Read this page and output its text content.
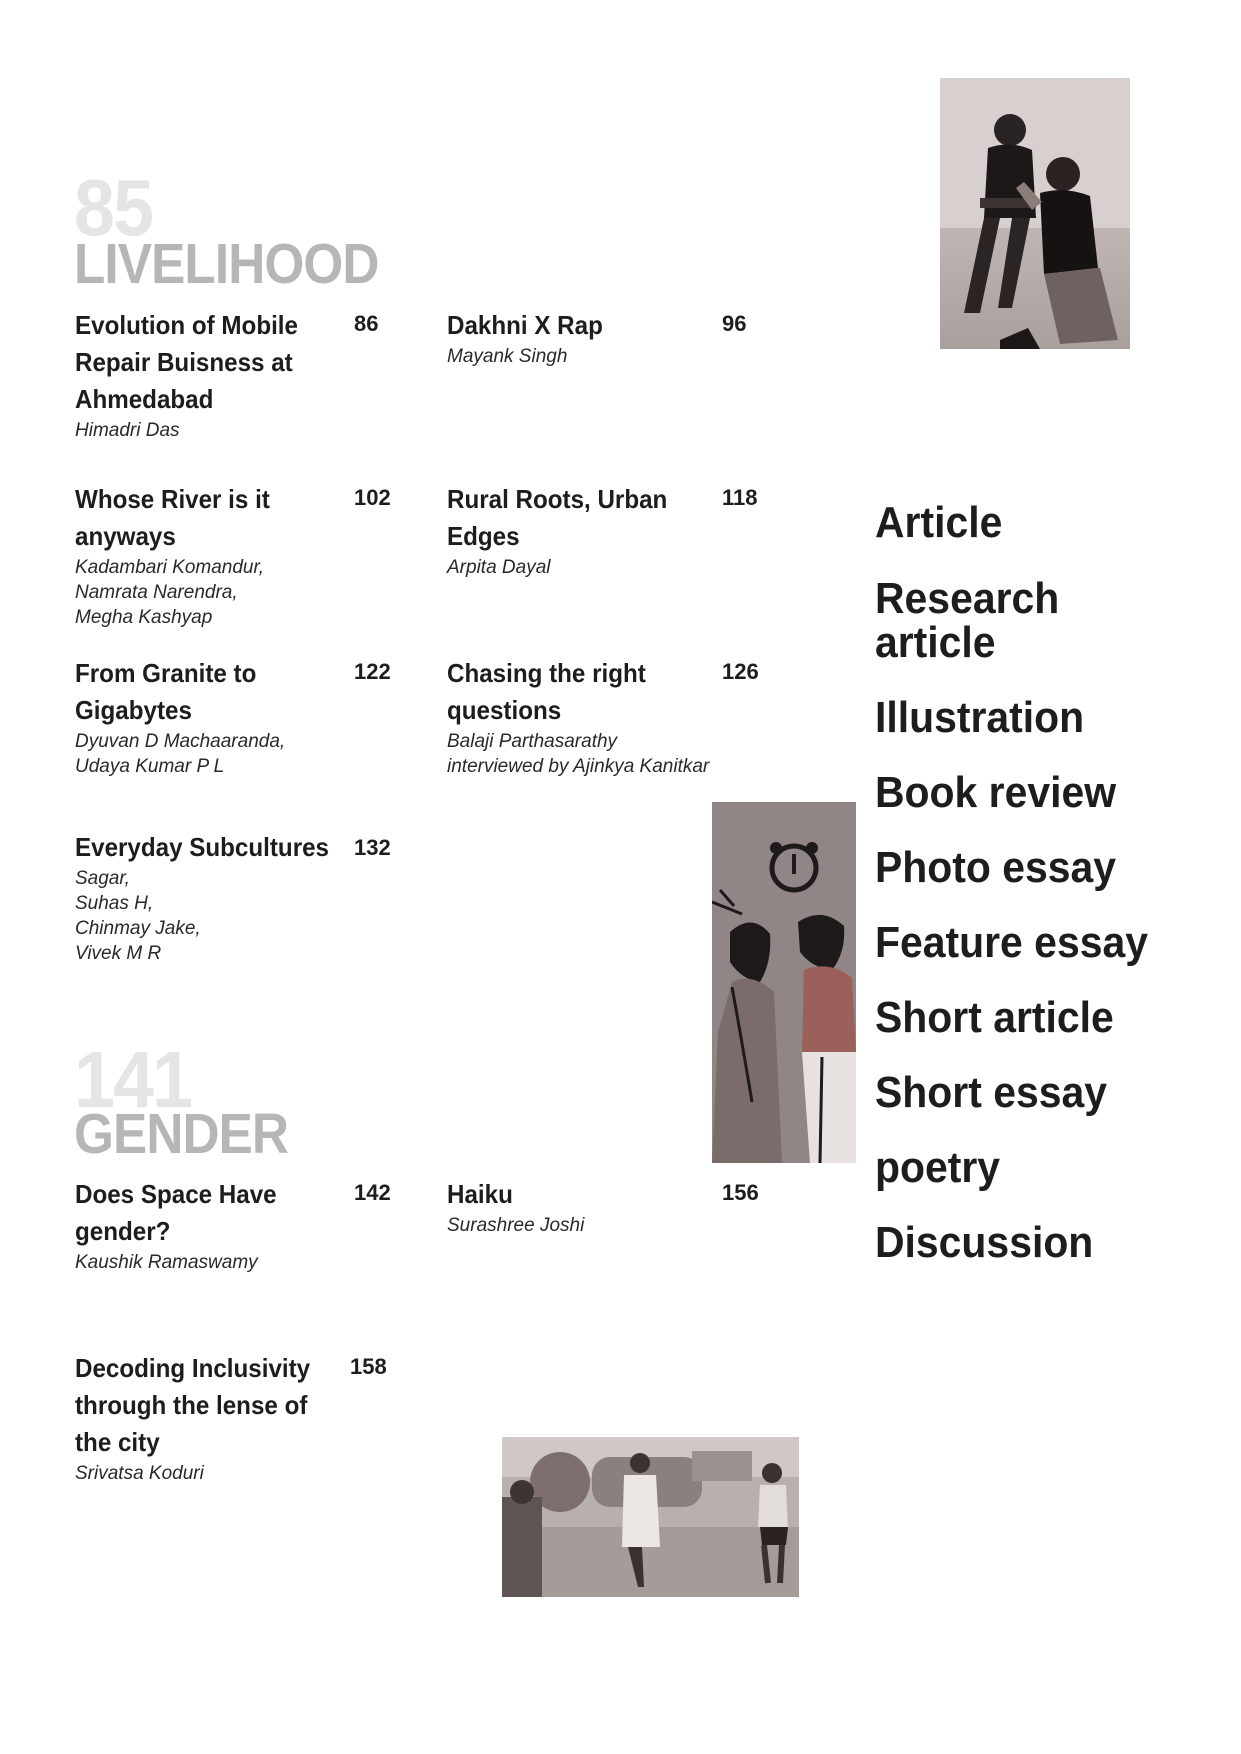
85
LIVELIHOOD
Evolution of Mobile
Repair Buisness at
Ahmedabad
Himadri Das
86	Dakhni X Rap
Mayank Singh
96
Whose River is it
anyways
Kadambari Komandur,
Namrata Narendra,
Megha Kashyap
102 Rural Roots, Urban
Edges
Arpita Dayal
118
From Granite to
Gigabytes
Dyuvan D Machaaranda,
Udaya Kumar P L
122 Chasing the right
questions
Balaji Parthasarathy
interviewed by Ajinkya Kanitkar
126
Everyday Subcultures
Sagar,
Suhas H,
Chinmay Jake,
Vivek M R
132
141
GENDER
Does Space Have
gender?
Kaushik Ramaswamy
142 Haiku
Surashree Joshi
156
Decoding Inclusivity
through the lense of
the city
Srivatsa Koduri
158
Article
Research
article
Illustration
Book review
Photo essay
Feature essay
Short article
Short essay
poetry
Discussion
